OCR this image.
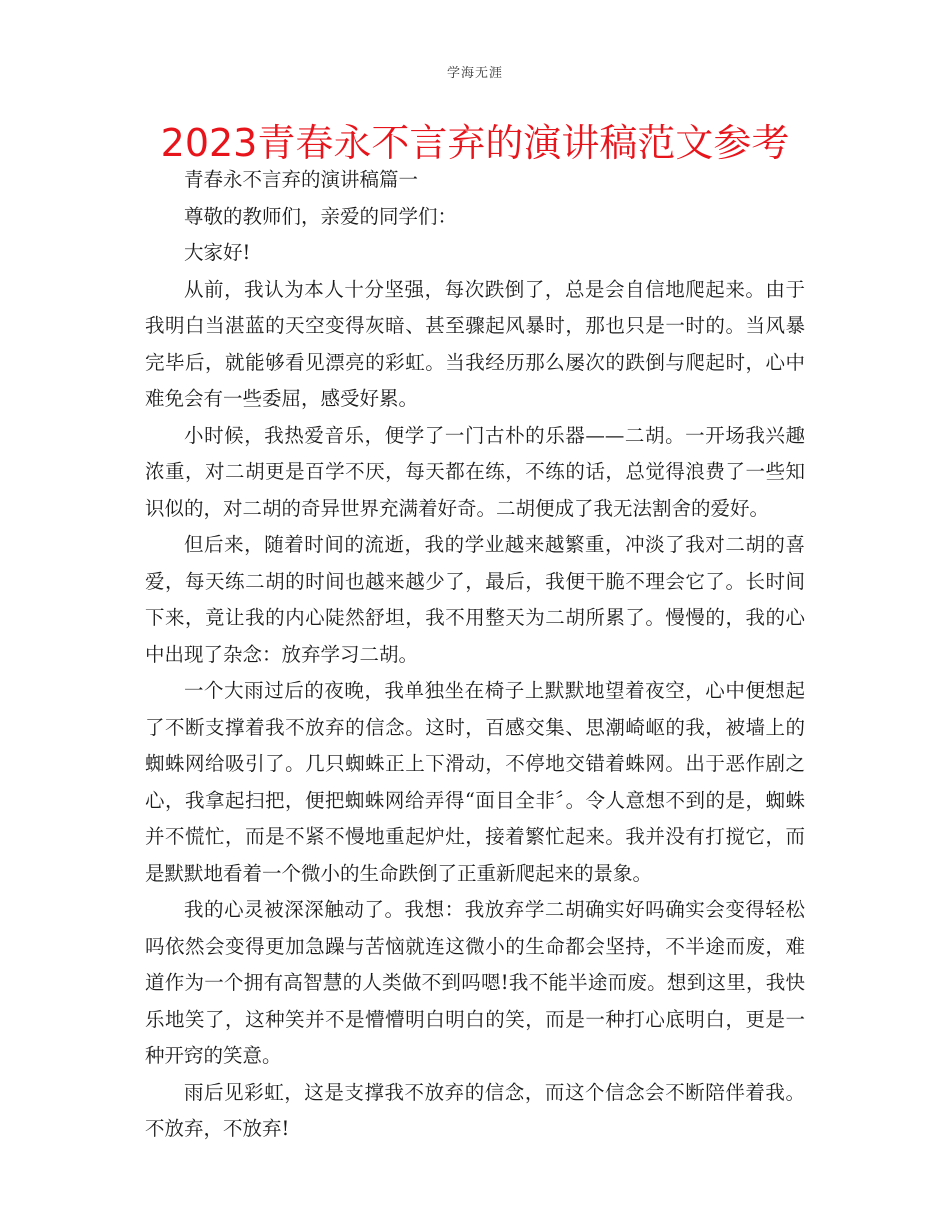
学海无涯
2023青春永不言弃的演讲稿范文参考

青春永不言弃的演讲稿篇一

尊敬的教师们，亲爱的同学们：

大家好!

从前，我认为本人十分坚强，每次跌倒了，总是会自信地爬起来。由于我明白当湛蓝的天空变得灰暗、甚至骤起风暴时，那也只是一时的。当风暴完毕后，就能够看见漂亮的彩虹。当我经历那么屡次的跌倒与爬起时，心中难免会有一些委屈，感受好累。

小时候，我热爱音乐，便学了一门古朴的乐器——二胡。一开场我兴趣浓重，对二胡更是百学不厌，每天都在练，不练的话，总觉得浪费了一些知识似的，对二胡的奇异世界充满着好奇。二胡便成了我无法割舍的爱好。

但后来，随着时间的流逝，我的学业越来越繁重，冲淡了我对二胡的喜爱，每天练二胡的时间也越来越少了，最后，我便干脆不理会它了。长时间下来，竟让我的内心陡然舒坦，我不用整天为二胡所累了。慢慢的，我的心中出现了杂念：放弃学习二胡。

一个大雨过后的夜晚，我单独坐在椅子上默默地望着夜空，心中便想起了不断支撑着我不放弃的信念。这时，百感交集、思潮崎岖的我，被墙上的蜘蛛网给吸引了。几只蜘蛛正上下滑动，不停地交错着蛛网。出于恶作剧之心，我拿起扫把，便把蜘蛛网给弄得“面目全非〞。令人意想不到的是，蜘蛛并不慌忙，而是不紧不慢地重起炉灶，接着繁忙起来。我并没有打搅它，而是默默地看着一个微小的生命跌倒了正重新爬起来的景象。

我的心灵被深深触动了。我想：我放弃学二胡确实好吗确实会变得轻松吗依然会变得更加急躁与苦恼就连这微小的生命都会坚持，不半途而废，难道作为一个拥有高智慧的人类做不到吗嗯!我不能半途而废。想到这里，我快乐地笑了，这种笑并不是懵懵明白明白的笑，而是一种打心底明白，更是一种开窍的笑意。

雨后见彩虹，这是支撑我不放弃的信念，而这个信念会不断陪伴着我。不放弃，不放弃!
